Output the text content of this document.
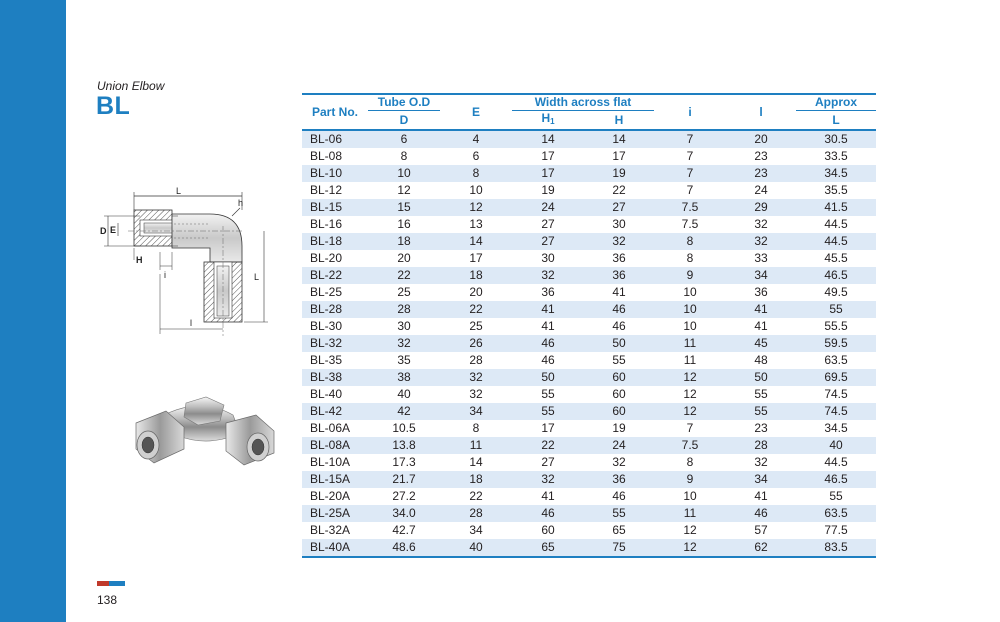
Union Elbow
BL
L
h
D E
H
i	L
l
Part No.	Tube O.D	E	Width across flat		i	l	Approx
	D		$H_1$	H			L
BL-06	6	4	14	14	7	20	30.5
BL-08	8	6	17	17	7	23	33.5
BL-10	10	8	17	19	7	23	34.5
BL-12	12	10	19	22	7	24	35.5
BL-15	15	12	24	27	7.5	29	41.5
BL-16	16	13	27	30	7.5	32	44.5
BL-18	18	14	27	32	8	32	44.5
BL-20	20	17	30	36	8	33	45.5
BL-22	22	18	32	36	9	34	46.5
BL-25	25	20	36	41	10	36	49.5
BL-28	28	22	41	46	10	41	55
BL-30	30	25	41	46	10	41	55.5
BL-32	32	26	46	50	11	45	59.5
BL-35	35	28	46	55	11	48	63.5
BL-38	38	32	50	60	12	50	69.5
BL-40	40	32	55	60	12	55	74.5
BL-42	42	34	55	60	12	55	74.5
BL-06A	10.5	8	17	19	7	23	34.5
BL-08A	13.8	11	22	24	7.5	28	40
BL-10A	17.3	14	27	32	8	32	44.5
BL-15A	21.7	18	32	36	9	34	46.5
BL-20A	27.2	22	41	46	10	41	55
BL-25A	34.0	28	46	55	11	46	63.5
BL-32A	42.7	34	60	65	12	57	77.5
BL-40A	48.6	40	65	75	12	62	83.5
138
